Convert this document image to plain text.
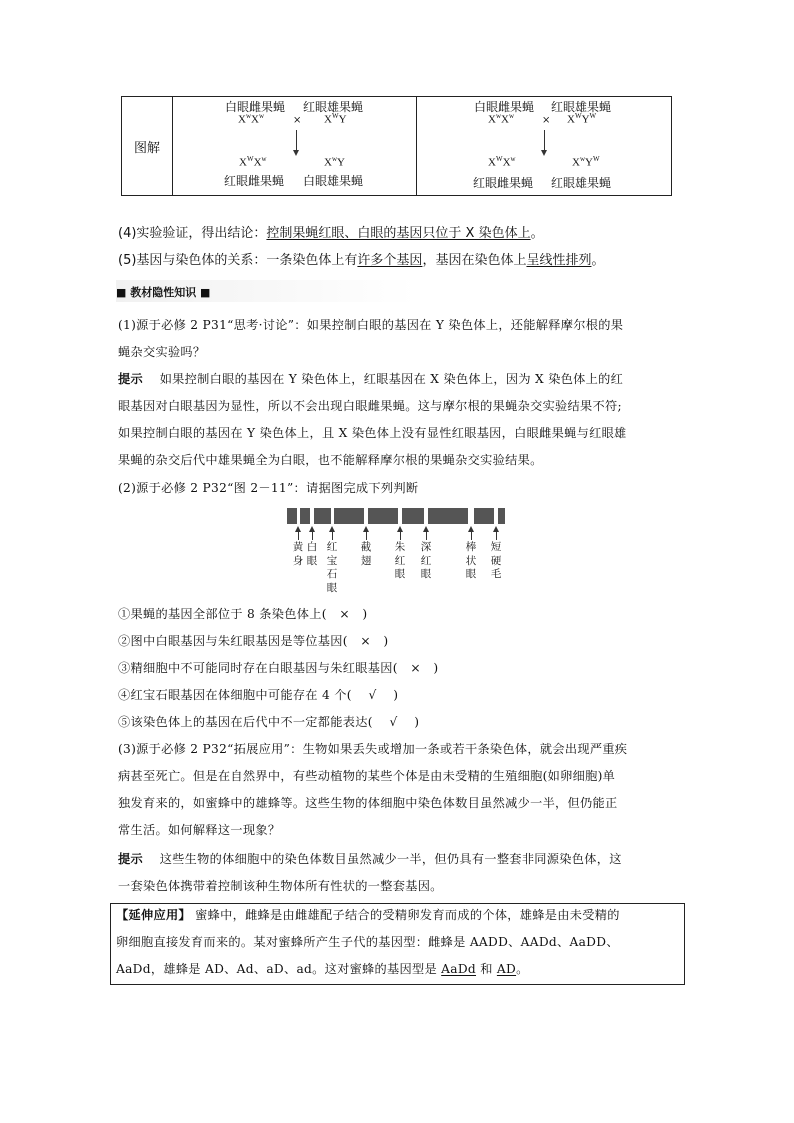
图解
白眼雌果蝇 红眼雄果蝇
$X^wX^w$	× $X^WY$
$X^WX^w$	$X^wY$
红眼雌果蝇 白眼雄果蝇
白眼雌果蝇 红眼雄果蝇
$X^wX^w$	× $X^WY^W$
$X^WX^w$	$X^wY^W$
红眼雌果蝇 红眼雄果蝇
(4)实验验证，得出结论：控制果蝇红眼、白眼的基因只位于 X 染色体上。
(5)基因与染色体的关系：一条染色体上有许多个基因，基因在染色体上呈线性排列。
■ 教材隐性知识 ■
(1)源于必修 2 P31“思考·讨论”：如果控制白眼的基因在 Y 染色体上，还能解释摩尔根的果
蝇杂交实验吗？
提示 如果控制白眼的基因在 Y 染色体上，红眼基因在 X 染色体上，因为 X 染色体上的红
眼基因对白眼基因为显性，所以不会出现白眼雌果蝇。这与摩尔根的果蝇杂交实验结果不符;
如果控制白眼的基因在 Y 染色体上，且 X 染色体上没有显性红眼基因，白眼雌果蝇与红眼雄
果蝇的杂交后代中雄果蝇全为白眼，也不能解释摩尔根的果蝇杂交实验结果。
(2)源于必修 2 P32“图 2－11”：请据图完成下列判断
黄身
白眼
红宝石眼
截翅
朱红眼
深红眼
棒状眼
短硬毛
①果蝇的基因全部位于 8 条染色体上( × )
②图中白眼基因与朱红眼基因是等位基因( × )
③精细胞中不可能同时存在白眼基因与朱红眼基因( × )
④红宝石眼基因在体细胞中可能存在 4 个( √ )
⑤该染色体上的基因在后代中不一定都能表达( √ )
(3)源于必修 2 P32“拓展应用”：生物如果丢失或增加一条或若干条染色体，就会出现严重疾
病甚至死亡。但是在自然界中，有些动植物的某些个体是由未受精的生殖细胞(如卵细胞)单
独发育来的，如蜜蜂中的雄蜂等。这些生物的体细胞中染色体数目虽然减少一半，但仍能正
常生活。如何解释这一现象？
提示 这些生物的体细胞中的染色体数目虽然减少一半，但仍具有一整套非同源染色体，这
一套染色体携带着控制该种生物体所有性状的一整套基因。
【延伸应用】 蜜蜂中，雌蜂是由雌雄配子结合的受精卵发育而成的个体，雄蜂是由未受精的
卵细胞直接发育而来的。某对蜜蜂所产生子代的基因型：雌蜂是 AADD、AADd、AaDD、
AaDd，雄蜂是 AD、Ad、aD、ad。这对蜜蜂的基因型是 AaDd 和 AD。
